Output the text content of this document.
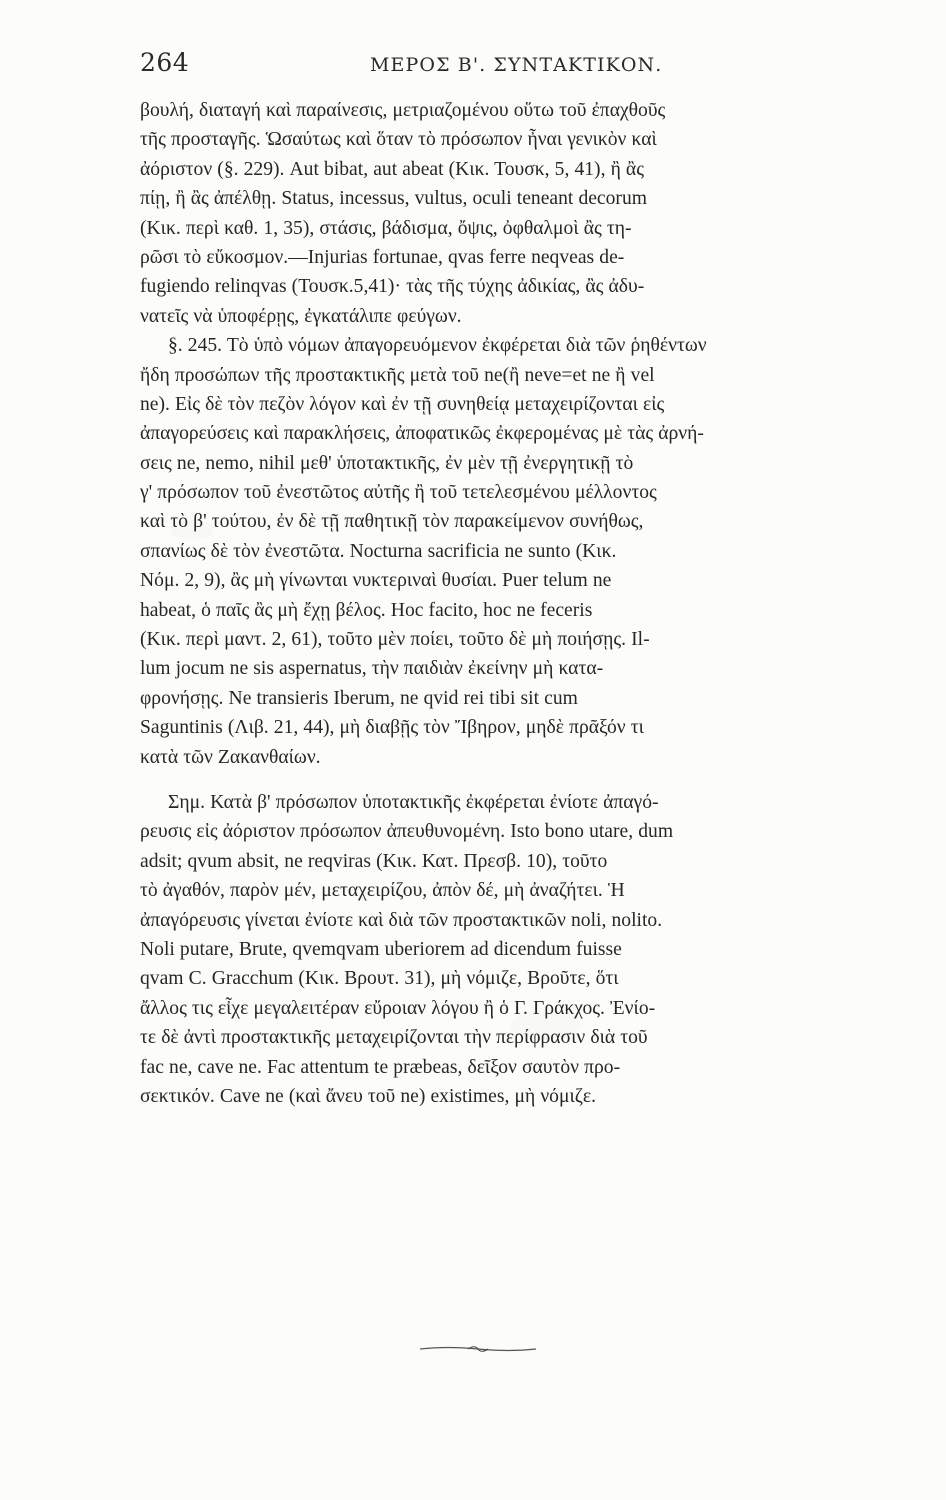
264	ΜΕΡΟΣ Β'. ΣΥΝΤΑΚΤΙΚΟΝ.
βουλή, διαταγή καὶ παραίνεσις, μετριαζομένου οὕτω τοῦ ἐπαχθοῦς
τῆς προσταγῆς. Ὡσαύτως καὶ ὅταν τὸ πρόσωπον ἦναι γενικὸν καὶ
ἀόριστον (§. 229). Aut bibat, aut abeat (Κικ. Τουσκ, 5, 41), ἢ ἂς
πίῃ, ἢ ἂς ἀπέλθῃ. Status, incessus, vultus, oculi teneant decorum
(Κικ. περὶ καθ. 1, 35), στάσις, βάδισμα, ὄψις, ὀφθαλμοὶ ἂς τη-
ρῶσι τὸ εὔκοσμον.—Injurias fortunae, qvas ferre neqveas de-
fugiendo relinqvas (Τουσκ.5,41)· τὰς τῆς τύχης ἀδικίας, ἂς ἀδυ-
νατεῖς νὰ ὑποφέρῃς, ἐγκατάλιπε φεύγων.
§. 245. Τὸ ὑπὸ νόμων ἀπαγορευόμενον ἐκφέρεται διὰ τῶν ῥηθέντων
ἤδη προσώπων τῆς προστακτικῆς μετὰ τοῦ ne(ἢ neve=et ne ἢ vel
ne). Εἰς δὲ τὸν πεζὸν λόγον καὶ ἐν τῇ συνηθείᾳ μεταχειρίζονται εἰς
ἀπαγορεύσεις καὶ παρακλήσεις, ἀποφατικῶς ἐκφερομένας μὲ τὰς ἀρνή-
σεις ne, nemo, nihil μεθ' ὑποτακτικῆς, ἐν μὲν τῇ ἐνεργητικῇ τὸ
γ' πρόσωπον τοῦ ἐνεστῶτος αὐτῆς ἢ τοῦ τετελεσμένου μέλλοντος
καὶ τὸ β' τούτου, ἐν δὲ τῇ παθητικῇ τὸν παρακείμενον συνήθως,
σπανίως δὲ τὸν ἐνεστῶτα. Nocturna sacrificia ne sunto (Κικ.
Νόμ. 2, 9), ἂς μὴ γίνωνται νυκτεριναὶ θυσίαι. Puer telum ne
habeat, ὁ παῖς ἂς μὴ ἔχῃ βέλος. Hoc facito, hoc ne feceris
(Κικ. περὶ μαντ. 2, 61), τοῦτο μὲν ποίει, τοῦτο δὲ μὴ ποιήσῃς. Il-
lum jocum ne sis aspernatus, τὴν παιδιὰν ἐκείνην μὴ κατα-
φρονήσῃς. Ne transieris Iberum, ne qvid rei tibi sit cum
Saguntinis (Λιβ. 21, 44), μὴ διαβῇς τὸν Ἴβηρον, μηδὲ πρᾶξόν τι
κατὰ τῶν Ζακανθαίων.
Σημ. Κατὰ β' πρόσωπον ὑποτακτικῆς ἐκφέρεται ἐνίοτε ἀπαγό-
ρευσις εἰς ἀόριστον πρόσωπον ἀπευθυνομένη. Isto bono utare, dum
adsit; qvum absit, ne reqviras (Κικ. Κατ. Πρεσβ. 10), τοῦτο
τὸ ἀγαθόν, παρὸν μέν, μεταχειρίζου, ἀπὸν δέ, μὴ ἀναζήτει. Ἡ
ἀπαγόρευσις γίνεται ἐνίοτε καὶ διὰ τῶν προστακτικῶν noli, nolito.
Noli putare, Brute, qvemqvam uberiorem ad dicendum fuisse
qvam C. Gracchum (Κικ. Βρουτ. 31), μὴ νόμιζε, Βροῦτε, ὅτι
ἄλλος τις εἶχε μεγαλειτέραν εὔροιαν λόγου ἢ ὁ Γ. Γράκχος. Ἐνίο-
τε δὲ ἀντὶ προστακτικῆς μεταχειρίζονται τὴν περίφρασιν διὰ τοῦ
fac ne, cave ne. Fac attentum te præbeas, δεῖξον σαυτὸν προ-
σεκτικόν. Cave ne (καὶ ἄνευ τοῦ ne) existimes, μὴ νόμιζε.
